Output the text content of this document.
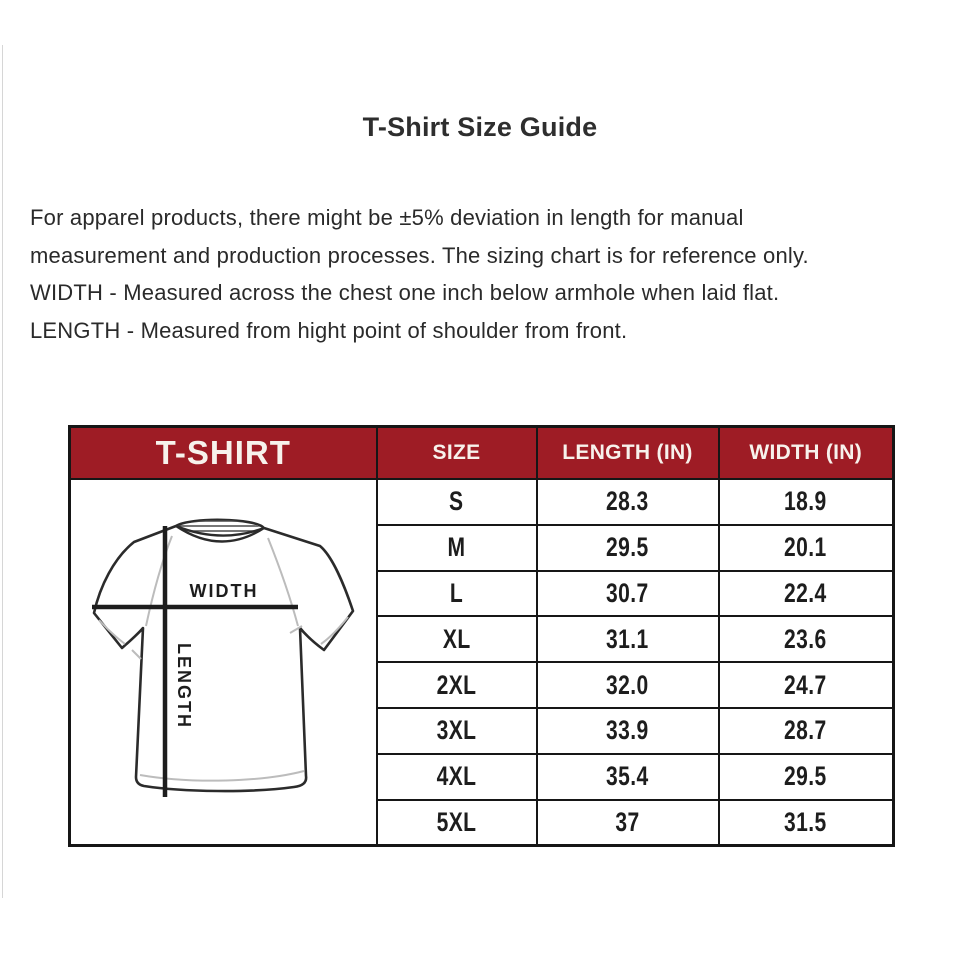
T-Shirt Size Guide

For apparel products, there might be ±5% deviation in length for manual measurement and production processes. The sizing chart is for reference only.

WIDTH - Measured across the chest one inch below armhole when laid flat.

LENGTH - Measured from hight point of shoulder from front.

T-SHIRT	SIZE	LENGTH (IN)	WIDTH (IN)

WIDTH
LENGTH	S	28.3	18.9
	M	29.5	20.1
	L	30.7	22.4
	XL	31.1	23.6
	2XL	32.0	24.7
	3XL	33.9	28.7
	4XL	35.4	29.5
	5XL	37	31.5
